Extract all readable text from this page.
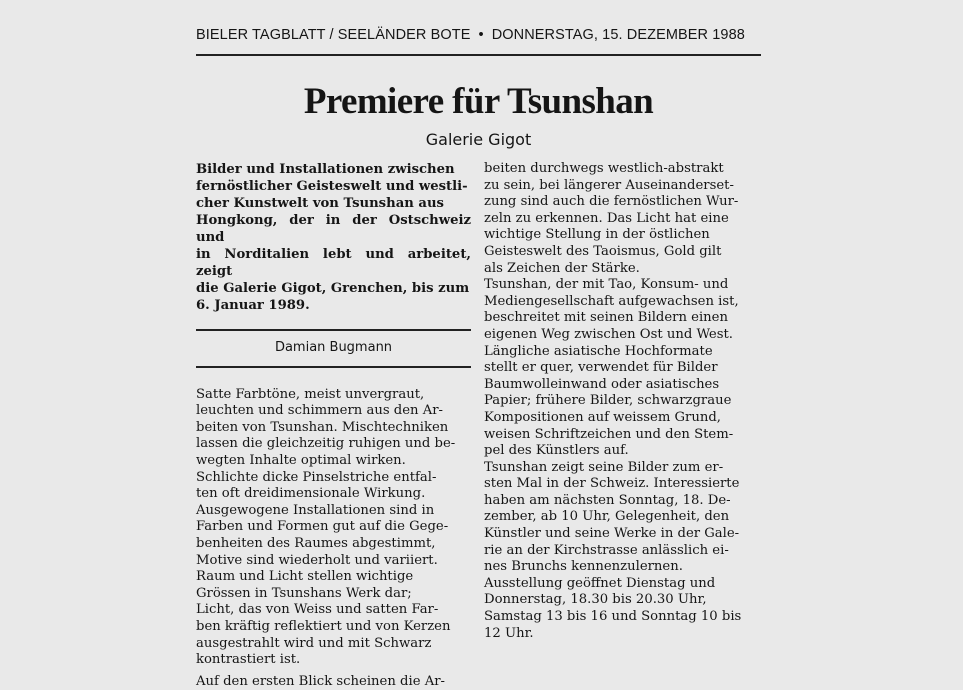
BIELER TAGBLATT / SEELÄNDER BOTE • DONNERSTAG, 15. DEZEMBER 1988
Premiere für Tsunshan

Galerie Gigot

Bilder und Installationen zwischen
fernöstlicher Geisteswelt und westli-
cher Kunstwelt von Tsunshan aus
Hongkong, der in der Ostschweiz und
in Norditalien lebt und arbeitet, zeigt
die Galerie Gigot, Grenchen, bis zum
6. Januar 1989.

Damian Bugmann

Satte Farbtöne, meist unvergraut,
leuchten und schimmern aus den Ar-
beiten von Tsunshan. Mischtechniken
lassen die gleichzeitig ruhigen und be-
wegten Inhalte optimal wirken.
Schlichte dicke Pinselstriche entfal-
ten oft dreidimensionale Wirkung.
Ausgewogene Installationen sind in
Farben und Formen gut auf die Gege-
benheiten des Raumes abgestimmt,
Motive sind wiederholt und variiert.
Raum und Licht stellen wichtige
Grössen in Tsunshans Werk dar;
Licht, das von Weiss und satten Far-
ben kräftig reflektiert und von Kerzen
ausgestrahlt wird und mit Schwarz
kontrastiert ist.

Auf den ersten Blick scheinen die Ar-

beiten durchwegs westlich-abstrakt
zu sein, bei längerer Auseinanderset-
zung sind auch die fernöstlichen Wur-
zeln zu erkennen. Das Licht hat eine
wichtige Stellung in der östlichen
Geisteswelt des Taoismus, Gold gilt
als Zeichen der Stärke.

Tsunshan, der mit Tao, Konsum- und
Mediengesellschaft aufgewachsen ist,
beschreitet mit seinen Bildern einen
eigenen Weg zwischen Ost und West.
Längliche asiatische Hochformate
stellt er quer, verwendet für Bilder
Baumwolleinwand oder asiatisches
Papier; frühere Bilder, schwarzgraue
Kompositionen auf weissem Grund,
weisen Schriftzeichen und den Stem-
pel des Künstlers auf.

Tsunshan zeigt seine Bilder zum er-
sten Mal in der Schweiz. Interessierte
haben am nächsten Sonntag, 18. De-
zember, ab 10 Uhr, Gelegenheit, den
Künstler und seine Werke in der Gale-
rie an der Kirchstrasse anlässlich ei-
nes Brunchs kennenzulernen.

Ausstellung geöffnet Dienstag und
Donnerstag, 18.30 bis 20.30 Uhr,
Samstag 13 bis 16 und Sonntag 10 bis
12 Uhr.
